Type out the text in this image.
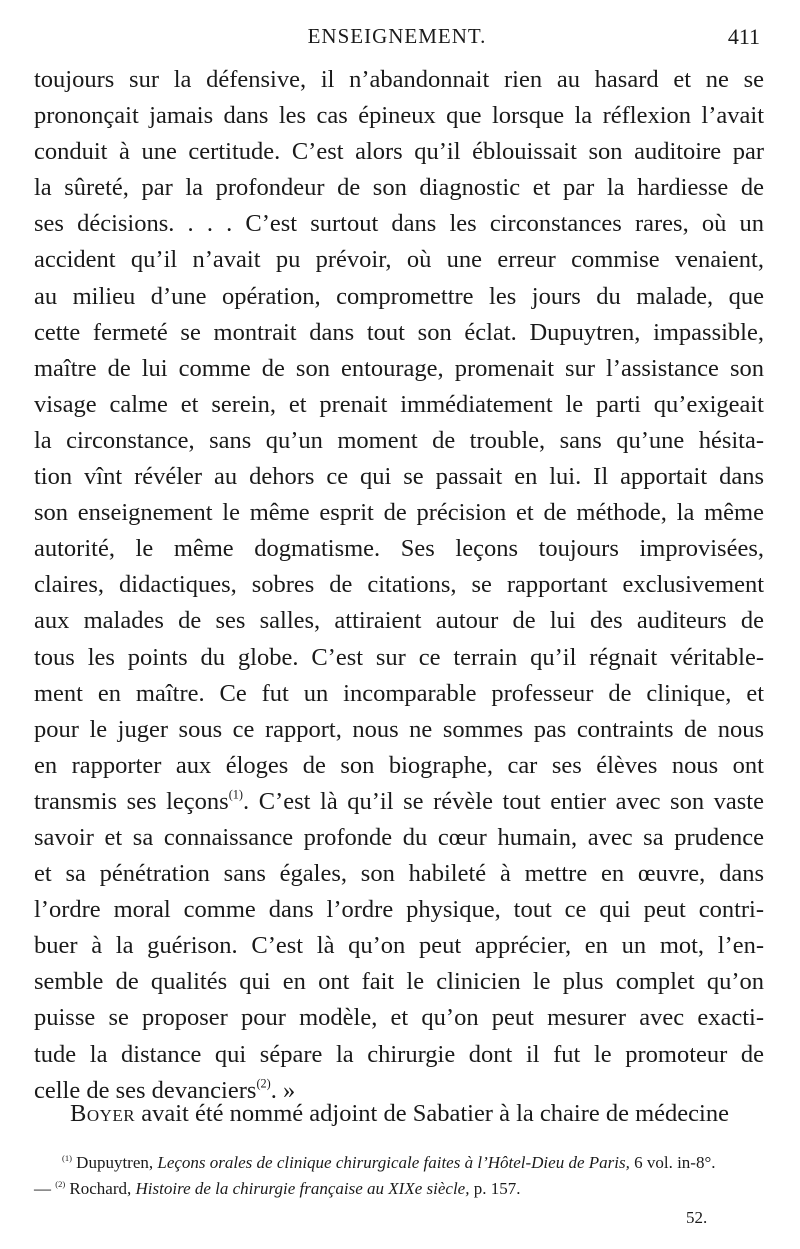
ENSEIGNEMENT.	411
toujours sur la défensive, il n’abandonnait rien au hasard et ne se
prononçait jamais dans les cas épineux que lorsque la réflexion l’avait
conduit à une certitude. C’est alors qu’il éblouissait son auditoire par
la sûreté, par la profondeur de son diagnostic et par la hardiesse de
ses décisions. . . . C’est surtout dans les circonstances rares, où un
accident qu’il n’avait pu prévoir, où une erreur commise venaient,
au milieu d’une opération, compromettre les jours du malade, que
cette fermeté se montrait dans tout son éclat. Dupuytren, impassible,
maître de lui comme de son entourage, promenait sur l’assistance son
visage calme et serein, et prenait immédiatement le parti qu’exigeait
la circonstance, sans qu’un moment de trouble, sans qu’une hésita-
tion vînt révéler au dehors ce qui se passait en lui. Il apportait dans
son enseignement le même esprit de précision et de méthode, la même
autorité, le même dogmatisme. Ses leçons toujours improvisées,
claires, didactiques, sobres de citations, se rapportant exclusivement
aux malades de ses salles, attiraient autour de lui des auditeurs de
tous les points du globe. C’est sur ce terrain qu’il régnait véritable-
ment en maître. Ce fut un incomparable professeur de clinique, et
pour le juger sous ce rapport, nous ne sommes pas contraints de nous
en rapporter aux éloges de son biographe, car ses élèves nous ont
transmis ses leçons$^{(1)}$. C’est là qu’il se révèle tout entier avec son vaste
savoir et sa connaissance profonde du cœur humain, avec sa prudence
et sa pénétration sans égales, son habileté à mettre en œuvre, dans
l’ordre moral comme dans l’ordre physique, tout ce qui peut contri-
buer à la guérison. C’est là qu’on peut apprécier, en un mot, l’en-
semble de qualités qui en ont fait le clinicien le plus complet qu’on
puisse se proposer pour modèle, et qu’on peut mesurer avec exacti-
tude la distance qui sépare la chirurgie dont il fut le promoteur de
celle de ses devanciers$^{(2)}$. »
Boyer avait été nommé adjoint de Sabatier à la chaire de médecine
$^{(1)}$ Dupuytren, Leçons orales de clinique chirurgicale faites à l’Hôtel-Dieu de Paris, 6 vol. in-8°.
— $^{(2)}$ Rochard, Histoire de la chirurgie française au XIXe siècle, p. 157.
52.
